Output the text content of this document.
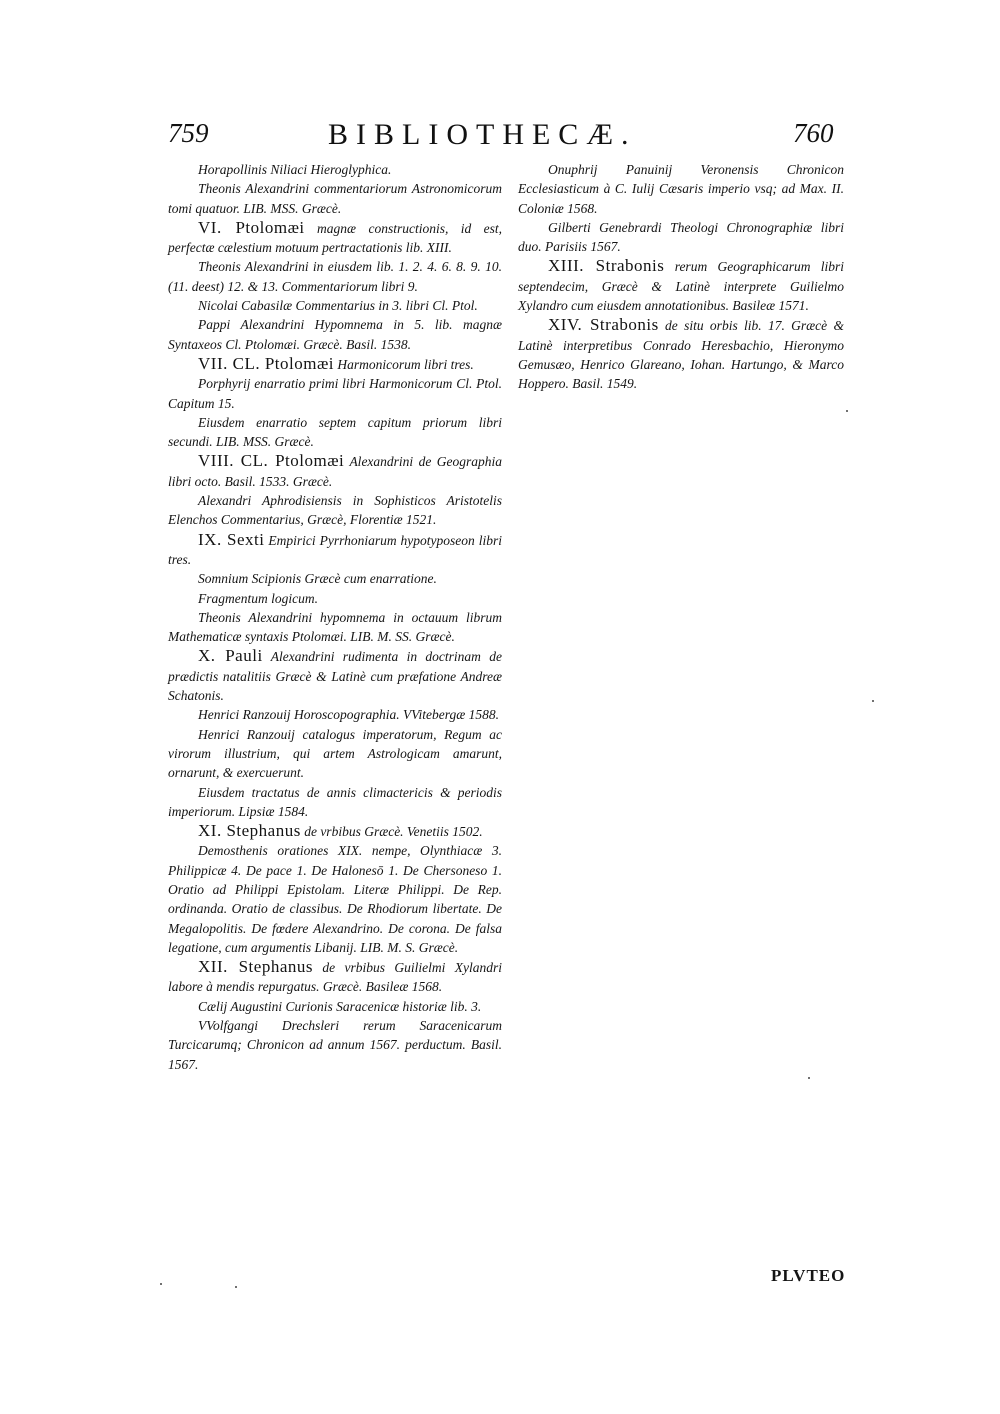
759	BIBLIOTHECÆ.	760

Horapollinis Niliaci Hieroglyphica.

Theonis Alexandrini commentariorum Astronomicorum tomi quatuor. LIB. MSS. Græcè.

VI. Ptolomæi magnæ constructionis, id est, perfectæ cælestium motuum pertractationis lib. XIII.

Theonis Alexandrini in eiusdem lib. 1. 2. 4. 6. 8. 9. 10. (11. deest) 12. & 13. Commentariorum libri 9.

Nicolai Cabasilæ Commentarius in 3. libri Cl. Ptol.

Pappi Alexandrini Hypomnema in 5. lib. magnæ Syntaxeos Cl. Ptolomæi. Græcè. Basil. 1538.

VII. CL. Ptolomæi Harmonicorum libri tres.

Porphyrij enarratio primi libri Harmonicorum Cl. Ptol. Capitum 15.

Eiusdem enarratio septem capitum priorum libri secundi. LIB. MSS. Græcè.

VIII. CL. Ptolomæi Alexandrini de Geographia libri octo. Basil. 1533. Græcè.

Alexandri Aphrodisiensis in Sophisticos Aristotelis Elenchos Commentarius, Græcè, Florentiæ 1521.

IX. Sexti Empirici Pyrrhoniarum hypotyposeon libri tres.

Somnium Scipionis Græcè cum enarratione.

Fragmentum logicum.

Theonis Alexandrini hypomnema in octauum librum Mathematicæ syntaxis Ptolomæi. LIB. M. SS. Græcè.

X. Pauli Alexandrini rudimenta in doctrinam de prædictis natalitiis Græcè & Latinè cum præfatione Andreæ Schatonis.

Henrici Ranzouij Horoscopographia. VVitebergæ 1588.

Henrici Ranzouij catalogus imperatorum, Regum ac virorum illustrium, qui artem Astrologicam amarunt, ornarunt, & exercuerunt.

Eiusdem tractatus de annis climactericis & periodis imperiorum. Lipsiæ 1584.

XI. Stephanus de vrbibus Græcè. Venetiis 1502.

Demosthenis orationes XIX. nempe, Olynthiacæ 3. Philippicæ 4. De pace 1. De Halonesō 1. De Chersoneso 1. Oratio ad Philippi Epistolam. Literæ Philippi. De Rep. ordinanda. Oratio de classibus. De Rhodiorum libertate. De Megalopolitis. De fœdere Alexandrino. De corona. De falsa legatione, cum argumentis Libanij. LIB. M. S. Græcè.

XII. Stephanus de vrbibus Guilielmi Xylandri labore à mendis repurgatus. Græcè. Basileæ 1568.

Cælij Augustini Curionis Saracenicæ historiæ lib. 3.

VVolfgangi Drechsleri rerum Saracenicarum Turcicarumq; Chronicon ad annum 1567. perductum. Basil. 1567.

Onuphrij Panuinij Veronensis Chronicon Ecclesiasticum à C. Iulij Cæsaris imperio vsq; ad Max. II. Coloniæ 1568.

Gilberti Genebrardi Theologi Chronographiæ libri duo. Parisiis 1567.

XIII. Strabonis rerum Geographicarum libri septendecim, Græcè & Latinè interprete Guilielmo Xylandro cum eiusdem annotationibus. Basileæ 1571.

XIV. Strabonis de situ orbis lib. 17. Græcè & Latinè interpretibus Conrado Heresbachio, Hieronymo Gemusæo, Henrico Glareano, Iohan. Hartungo, & Marco Hoppero. Basil. 1549.

PLVTEO
